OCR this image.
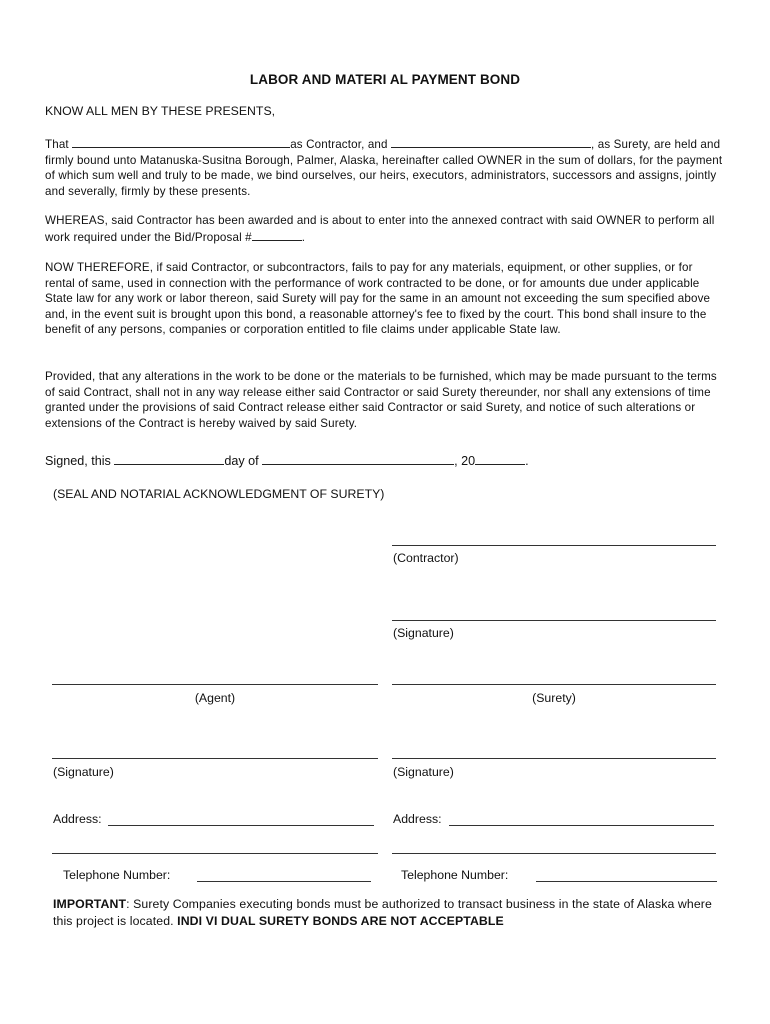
LABOR AND MATERI AL PAYMENT BOND
KNOW ALL MEN BY THESE PRESENTS,
That	as Contractor, and	, as Surety, are held and firmly bound unto Matanuska-Susitna Borough, Palmer, Alaska, hereinafter called OWNER in the sum of dollars, for the payment of which sum well and truly to be made, we bind ourselves, our heirs, executors, administrators, successors and assigns, jointly and severally, firmly by these presents.
WHEREAS, said Contractor has been awarded and is about to enter into the annexed contract with said OWNER to perform all work required under the Bid/Proposal #	.
NOW THEREFORE, if said Contractor, or subcontractors, fails to pay for any materials, equipment, or other supplies, or for rental of same, used in connection with the performance of work contracted to be done, or for amounts due under applicable State law for any work or labor thereon, said Surety will pay for the same in an amount not exceeding the sum specified above and, in the event suit is brought upon this bond, a reasonable attorney's fee to fixed by the court. This bond shall insure to the benefit of any persons, companies or corporation entitled to file claims under applicable State law.
Provided, that any alterations in the work to be done or the materials to be furnished, which may be made pursuant to the terms of said Contract, shall not in any way release either said Contractor or said Surety thereunder, nor shall any extensions of time granted under the provisions of said Contract release either said Contractor or said Surety, and notice of such alterations or extensions of the Contract is hereby waived by said Surety.
Signed, this	day of	, 20	.
(SEAL AND NOTARIAL ACKNOWLEDGMENT OF SURETY)
(Contractor)
(Signature)
(Agent)	(Surety)
(Signature)	(Signature)
Address:	Address:
Telephone Number:	Telephone Number:
IMPORTANT: Surety Companies executing bonds must be authorized to transact business in the state of Alaska where this project is located. INDI VI DUAL SURETY BONDS ARE NOT ACCEPTABLE
